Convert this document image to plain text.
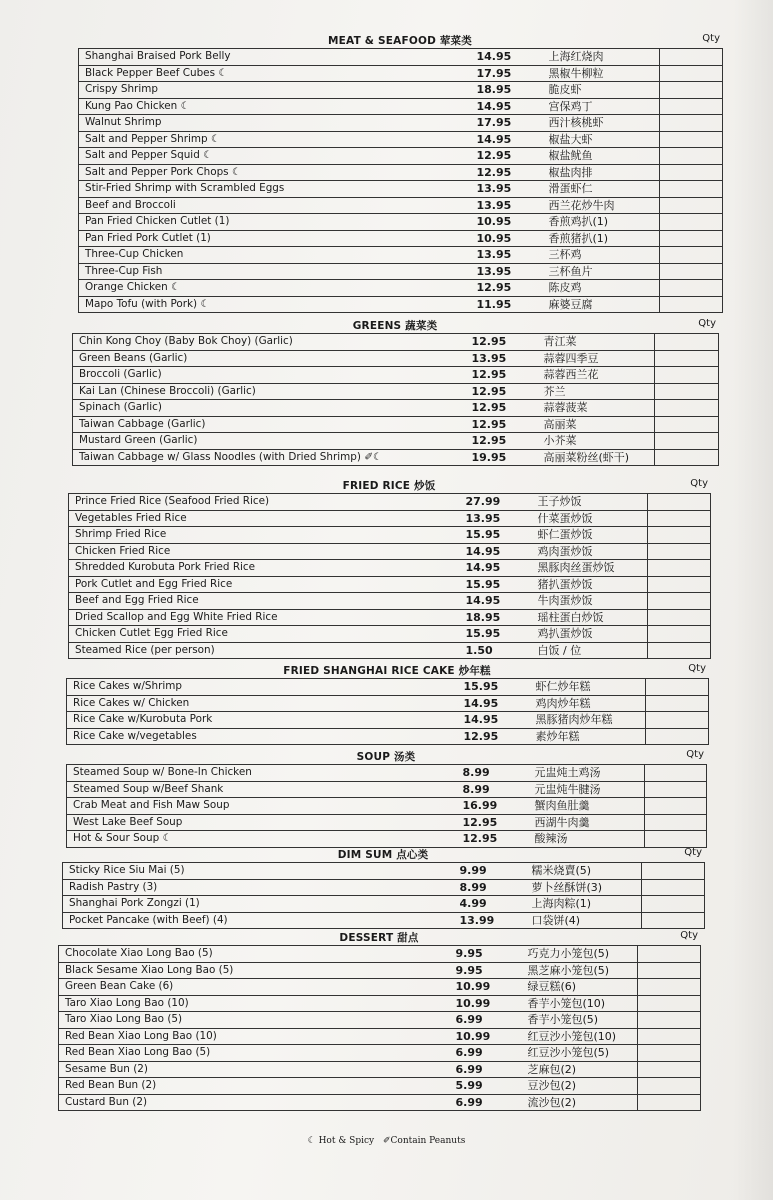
MEAT & SEAFOOD 荤菜类	Qty
Shanghai Braised Pork Belly	14.95	上海红烧肉	
Black Pepper Beef Cubes ☾	17.95	黑椒牛柳粒	
Crispy Shrimp	18.95	脆皮虾	
Kung Pao Chicken ☾	14.95	宫保鸡丁	
Walnut Shrimp	17.95	西汁核桃虾	
Salt and Pepper Shrimp ☾	14.95	椒盐大虾	
Salt and Pepper Squid ☾	12.95	椒盐鱿鱼	
Salt and Pepper Pork Chops ☾	12.95	椒盐肉排	
Stir-Fried Shrimp with Scrambled Eggs	13.95	滑蛋虾仁	
Beef and Broccoli	13.95	西兰花炒牛肉	
Pan Fried Chicken Cutlet (1)	10.95	香煎鸡扒(1)	
Pan Fried Pork Cutlet (1)	10.95	香煎猪扒(1)	
Three-Cup Chicken	13.95	三杯鸡	
Three-Cup Fish	13.95	三杯鱼片	
Orange Chicken ☾	12.95	陈皮鸡	
Mapo Tofu (with Pork) ☾	11.95	麻婆豆腐	
GREENS 蔬菜类	Qty
Chin Kong Choy (Baby Bok Choy) (Garlic)	12.95	青江菜	
Green Beans (Garlic)	13.95	蒜蓉四季豆	
Broccoli (Garlic)	12.95	蒜蓉西兰花	
Kai Lan (Chinese Broccoli) (Garlic)	12.95	芥兰	
Spinach (Garlic)	12.95	蒜蓉菠菜	
Taiwan Cabbage (Garlic)	12.95	高丽菜	
Mustard Green (Garlic)	12.95	小芥菜	
Taiwan Cabbage w/ Glass Noodles (with Dried Shrimp) ✐☾	19.95	高丽菜粉丝(虾干)	
FRIED RICE 炒饭	Qty
Prince Fried Rice (Seafood Fried Rice)	27.99	王子炒饭	
Vegetables Fried Rice	13.95	什菜蛋炒饭	
Shrimp Fried Rice	15.95	虾仁蛋炒饭	
Chicken Fried Rice	14.95	鸡肉蛋炒饭	
Shredded Kurobuta Pork Fried Rice	14.95	黑豚肉丝蛋炒饭	
Pork Cutlet and Egg Fried Rice	15.95	猪扒蛋炒饭	
Beef and Egg Fried Rice	14.95	牛肉蛋炒饭	
Dried Scallop and Egg White Fried Rice	18.95	瑶柱蛋白炒饭	
Chicken Cutlet Egg Fried Rice	15.95	鸡扒蛋炒饭	
Steamed Rice (per person)	1.50	白饭 / 位	
FRIED SHANGHAI RICE CAKE 炒年糕	Qty
Rice Cakes w/Shrimp	15.95	虾仁炒年糕	
Rice Cakes w/ Chicken	14.95	鸡肉炒年糕	
Rice Cake w/Kurobuta Pork	14.95	黑豚猪肉炒年糕	
Rice Cake w/vegetables	12.95	素炒年糕	
SOUP 汤类	Qty
Steamed Soup w/ Bone-In Chicken	8.99	元盅炖土鸡汤	
Steamed Soup w/Beef Shank	8.99	元盅炖牛腱汤	
Crab Meat and Fish Maw Soup	16.99	蟹肉鱼肚羹	
West Lake Beef Soup	12.95	西湖牛肉羹	
Hot & Sour Soup ☾	12.95	酸辣汤	
DIM SUM 点心类	Qty
Sticky Rice Siu Mai (5)	9.99	糯米烧賣(5)	
Radish Pastry (3)	8.99	萝卜丝酥饼(3)	
Shanghai Pork Zongzi (1)	4.99	上海肉粽(1)	
Pocket Pancake (with Beef) (4)	13.99	口袋饼(4)	
DESSERT 甜点	Qty
Chocolate Xiao Long Bao (5)	9.95	巧克力小笼包(5)	
Black Sesame Xiao Long Bao (5)	9.95	黑芝麻小笼包(5)	
Green Bean Cake (6)	10.99	绿豆糕(6)	
Taro Xiao Long Bao (10)	10.99	香芋小笼包(10)	
Taro Xiao Long Bao (5)	6.99	香芋小笼包(5)	
Red Bean Xiao Long Bao (10)	10.99	红豆沙小笼包(10)	
Red Bean Xiao Long Bao (5)	6.99	红豆沙小笼包(5)	
Sesame Bun (2)	6.99	芝麻包(2)	
Red Bean Bun (2)	5.99	豆沙包(2)	
Custard Bun (2)	6.99	流沙包(2)	
☾ Hot & Spicy ✐Contain Peanuts
